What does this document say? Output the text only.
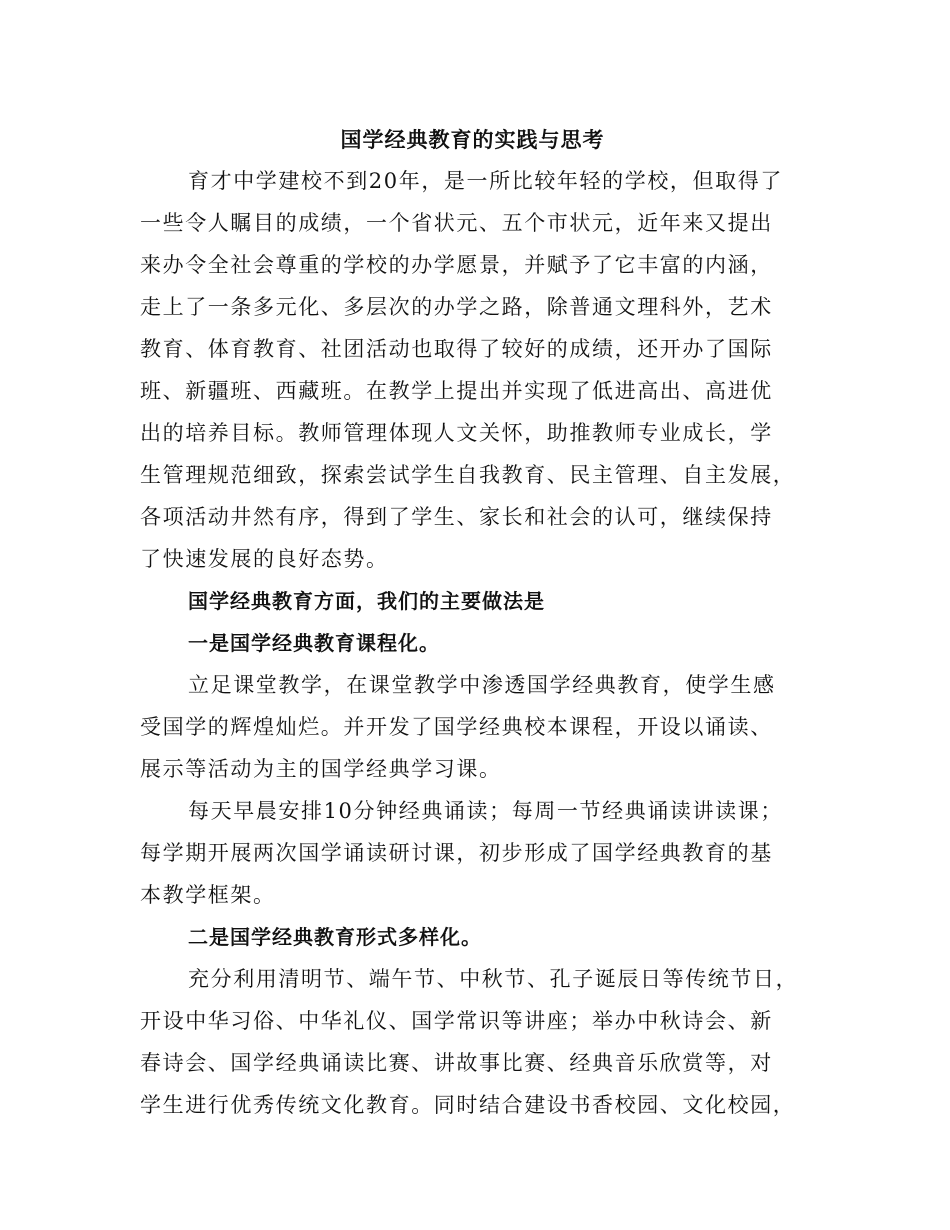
国学经典教育的实践与思考

育才中学建校不到20年，是一所比较年轻的学校，但取得了
一些令人瞩目的成绩，一个省状元、五个市状元，近年来又提出
来办令全社会尊重的学校的办学愿景，并赋予了它丰富的内涵，
走上了一条多元化、多层次的办学之路，除普通文理科外，艺术
教育、体育教育、社团活动也取得了较好的成绩，还开办了国际
班、新疆班、西藏班。在教学上提出并实现了低进高出、高进优
出的培养目标。教师管理体现人文关怀，助推教师专业成长，学
生管理规范细致，探索尝试学生自我教育、民主管理、自主发展，
各项活动井然有序，得到了学生、家长和社会的认可，继续保持
了快速发展的良好态势。

国学经典教育方面，我们的主要做法是

一是国学经典教育课程化。

立足课堂教学，在课堂教学中渗透国学经典教育，使学生感
受国学的辉煌灿烂。并开发了国学经典校本课程，开设以诵读、
展示等活动为主的国学经典学习课。

每天早晨安排10分钟经典诵读；每周一节经典诵读讲读课；
每学期开展两次国学诵读研讨课，初步形成了国学经典教育的基
本教学框架。

二是国学经典教育形式多样化。

充分利用清明节、端午节、中秋节、孔子诞辰日等传统节日，
开设中华习俗、中华礼仪、国学常识等讲座；举办中秋诗会、新
春诗会、国学经典诵读比赛、讲故事比赛、经典音乐欣赏等，对
学生进行优秀传统文化教育。同时结合建设书香校园、文化校园，
